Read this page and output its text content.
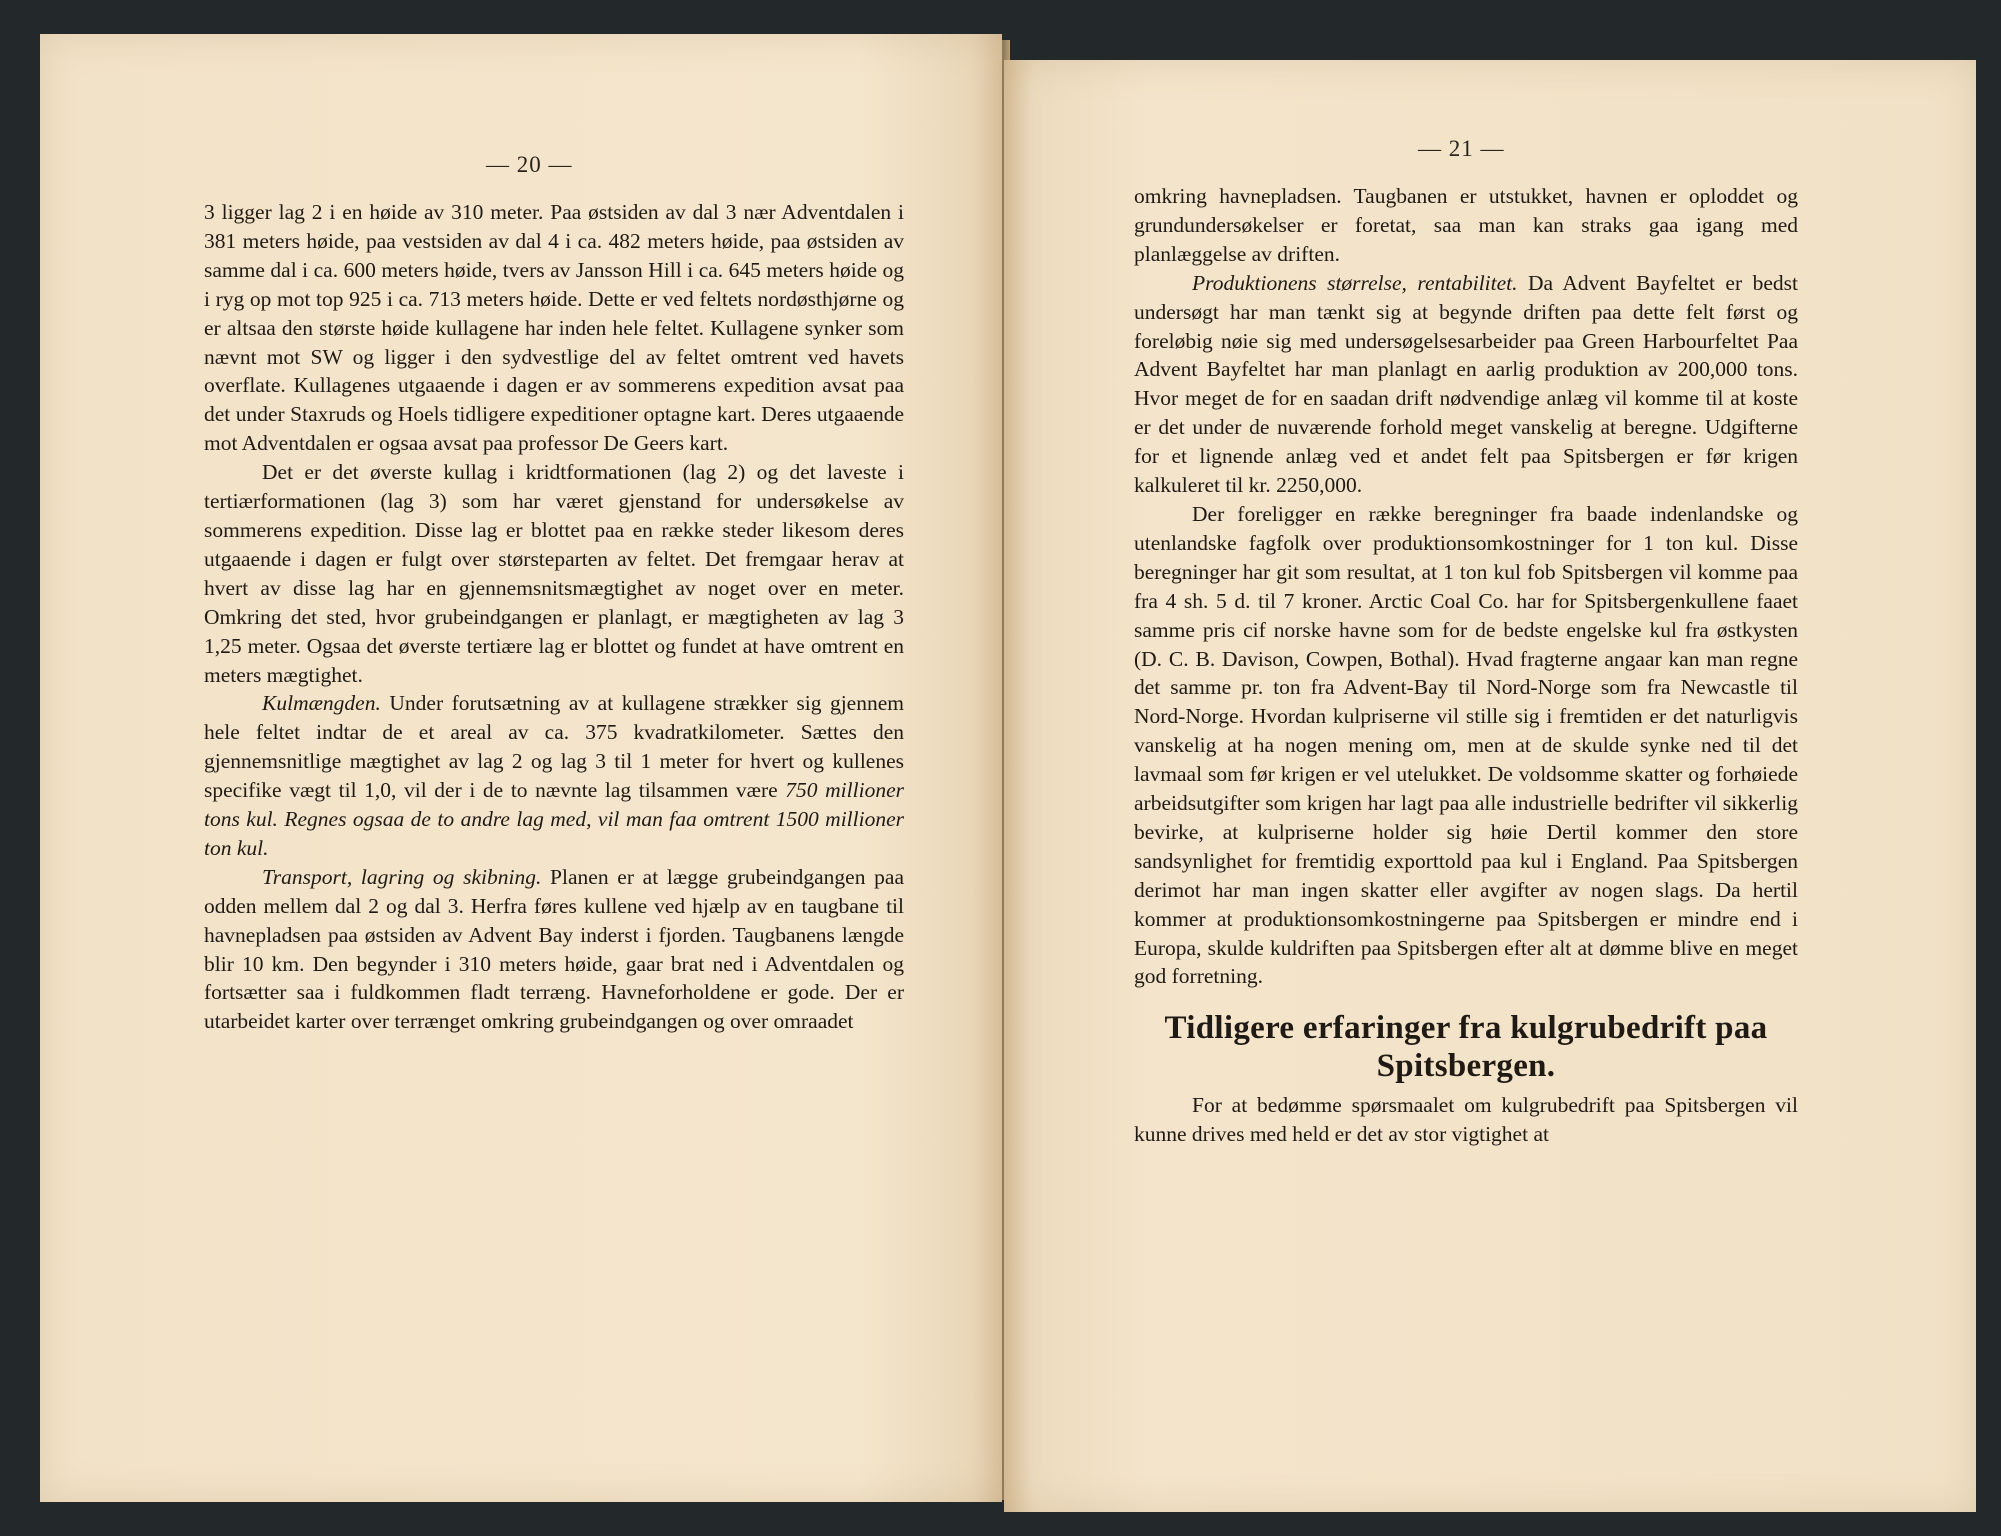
— 20 —

3 ligger lag 2 i en høide av 310 meter. Paa østsiden av dal 3 nær Adventdalen i 381 meters høide, paa vestsiden av dal 4 i ca. 482 meters høide, paa østsiden av samme dal i ca. 600 meters høide, tvers av Jansson Hill i ca. 645 meters høide og i ryg op mot top 925 i ca. 713 meters høide. Dette er ved feltets nordøsthjørne og er altsaa den største høide kullagene har inden hele feltet. Kullagene synker som nævnt mot SW og ligger i den sydvestlige del av feltet omtrent ved havets overflate. Kullagenes utgaaende i dagen er av sommerens expedition avsat paa det under Staxruds og Hoels tidligere expeditioner optagne kart. Deres utgaaende mot Adventdalen er ogsaa avsat paa professor De Geers kart.

Det er det øverste kullag i kridtformationen (lag 2) og det laveste i tertiærformationen (lag 3) som har været gjenstand for undersøkelse av sommerens expedition. Disse lag er blottet paa en række steder likesom deres utgaaende i dagen er fulgt over størsteparten av feltet. Det fremgaar herav at hvert av disse lag har en gjennemsnitsmægtighet av noget over en meter. Omkring det sted, hvor grubeindgangen er planlagt, er mægtigheten av lag 3 1,25 meter. Ogsaa det øverste tertiære lag er blottet og fundet at have omtrent en meters mægtighet.

Kulmængden. Under forutsætning av at kullagene strækker sig gjennem hele feltet indtar de et areal av ca. 375 kvadratkilometer. Sættes den gjennemsnitlige mægtighet av lag 2 og lag 3 til 1 meter for hvert og kullenes specifike vægt til 1,0, vil der i de to nævnte lag tilsammen være 750 millioner tons kul. Regnes ogsaa de to andre lag med, vil man faa omtrent 1500 millioner ton kul.

Transport, lagring og skibning. Planen er at lægge grubeindgangen paa odden mellem dal 2 og dal 3. Herfra føres kullene ved hjælp av en taugbane til havnepladsen paa østsiden av Advent Bay inderst i fjorden. Taugbanens længde blir 10 km. Den begynder i 310 meters høide, gaar brat ned i Adventdalen og fortsætter saa i fuldkommen fladt terræng. Havneforholdene er gode. Der er utarbeidet karter over terrænget omkring grubeindgangen og over omraadet

— 21 —

omkring havnepladsen. Taugbanen er utstukket, havnen er oploddet og grundundersøkelser er foretat, saa man kan straks gaa igang med planlæggelse av driften.

Produktionens størrelse, rentabilitet. Da Advent Bayfeltet er bedst undersøgt har man tænkt sig at begynde driften paa dette felt først og foreløbig nøie sig med undersøgelsesarbeider paa Green Harbourfeltet Paa Advent Bayfeltet har man planlagt en aarlig produktion av 200,000 tons. Hvor meget de for en saadan drift nødvendige anlæg vil komme til at koste er det under de nuværende forhold meget vanskelig at beregne. Udgifterne for et lignende anlæg ved et andet felt paa Spitsbergen er før krigen kalkuleret til kr. 2250,000.

Der foreligger en række beregninger fra baade indenlandske og utenlandske fagfolk over produktionsomkostninger for 1 ton kul. Disse beregninger har git som resultat, at 1 ton kul fob Spitsbergen vil komme paa fra 4 sh. 5 d. til 7 kroner. Arctic Coal Co. har for Spitsbergenkullene faaet samme pris cif norske havne som for de bedste engelske kul fra østkysten (D. C. B. Davison, Cowpen, Bothal). Hvad fragterne angaar kan man regne det samme pr. ton fra Advent-Bay til Nord-Norge som fra Newcastle til Nord-Norge. Hvordan kulpriserne vil stille sig i fremtiden er det naturligvis vanskelig at ha nogen mening om, men at de skulde synke ned til det lavmaal som før krigen er vel utelukket. De voldsomme skatter og forhøiede arbeidsutgifter som krigen har lagt paa alle industrielle bedrifter vil sikkerlig bevirke, at kulpriserne holder sig høie Dertil kommer den store sandsynlighet for fremtidig exporttold paa kul i England. Paa Spitsbergen derimot har man ingen skatter eller avgifter av nogen slags. Da hertil kommer at produktionsomkostningerne paa Spitsbergen er mindre end i Europa, skulde kuldriften paa Spitsbergen efter alt at dømme blive en meget god forretning.

Tidligere erfaringer fra kulgrubedrift paa Spitsbergen.

For at bedømme spørsmaalet om kulgrubedrift paa Spitsbergen vil kunne drives med held er det av stor vigtighet at
